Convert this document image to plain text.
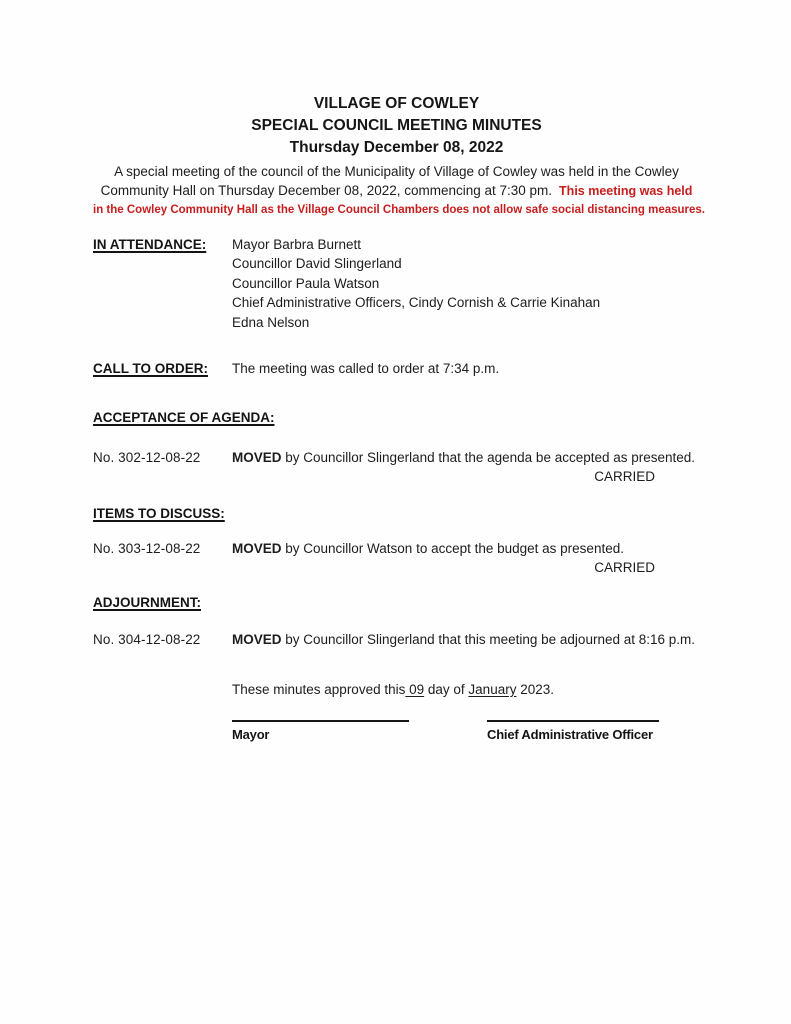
VILLAGE OF COWLEY
SPECIAL COUNCIL MEETING MINUTES
Thursday December 08, 2022
A special meeting of the council of the Municipality of Village of Cowley was held in the Cowley
Community Hall on Thursday December 08, 2022, commencing at 7:30 pm. This meeting was held
in the Cowley Community Hall as the Village Council Chambers does not allow safe social distancing measures.
IN ATTENDANCE:	Mayor Barbra Burnett
Councillor David Slingerland
Councillor Paula Watson
Chief Administrative Officers, Cindy Cornish & Carrie Kinahan
Edna Nelson
CALL TO ORDER:	The meeting was called to order at 7:34 p.m.
ACCEPTANCE OF AGENDA:
No. 302-12-08-22	MOVED by Councillor Slingerland that the agenda be accepted as presented.
CARRIED
ITEMS TO DISCUSS:
No. 303-12-08-22	MOVED by Councillor Watson to accept the budget as presented.
CARRIED
ADJOURNMENT:
No. 304-12-08-22	MOVED by Councillor Slingerland that this meeting be adjourned at 8:16 p.m.
These minutes approved this 09 day of January 2023.
Mayor	Chief Administrative Officer
